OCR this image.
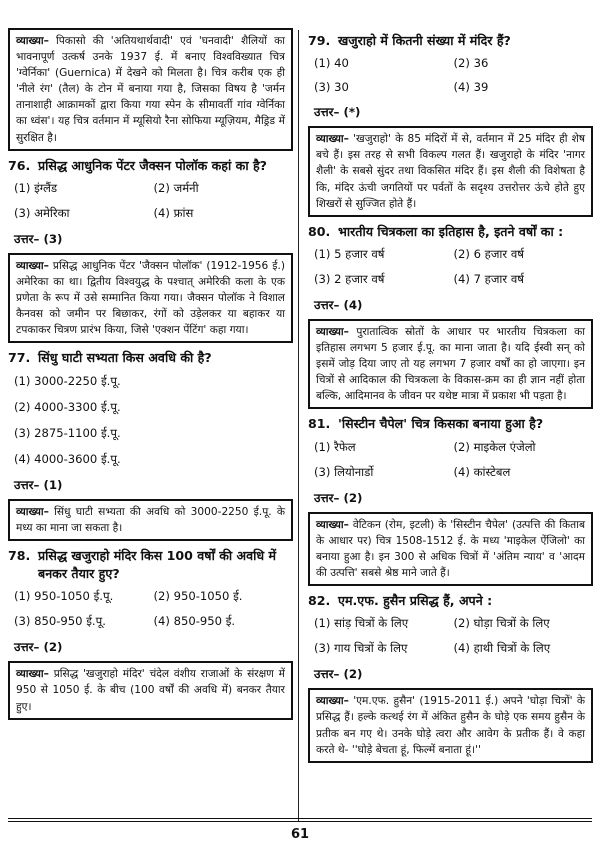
व्याख्या– पिकासो की 'अतियथार्थवादी' एवं 'घनवादी' शैलियों का भावनापूर्ण उत्कर्ष उनके 1937 ई. में बनाए विश्वविख्यात चित्र 'ग्वेर्निका' (Guernica) में देखने को मिलता है। चित्र करीब एक ही 'नीले रंग' (तैल) के टोन में बनाया गया है, जिसका विषय है 'जर्मन तानाशाही आक्रामकों द्वारा किया गया स्पेन के सीमावर्ती गांव ग्वेर्निका का ध्वंस'। यह चित्र वर्तमान में म्यूसियो रैना सोफिया म्यूज़ियम, मैड्रिड में सुरक्षित है।
76. प्रसिद्ध आधुनिक पेंटर जैक्सन पोलॉक कहां का है?
(1) इंग्लैंड	(2) जर्मनी
(3) अमेरिका	(4) फ्रांस
उत्तर– (3)
व्याख्या– प्रसिद्ध आधुनिक पेंटर 'जैक्सन पोलॉक' (1912-1956 ई.) अमेरिका का था। द्वितीय विश्वयुद्ध के पश्चात् अमेरिकी कला के एक प्रणेता के रूप में उसे सम्मानित किया गया। जैक्सन पोलॉक ने विशाल कैनवस को जमीन पर बिछाकर, रंगों को उड़ेलकर या बहाकर या टपकाकर चित्रण प्रारंभ किया, जिसे 'एक्शन पेंटिंग' कहा गया।
77. सिंधु घाटी सभ्यता किस अवधि की है?
(1) 3000-2250 ई.पू.
(2) 4000-3300 ई.पू.
(3) 2875-1100 ई.पू.
(4) 4000-3600 ई.पू.
उत्तर– (1)
व्याख्या– सिंधु घाटी सभ्यता की अवधि को 3000-2250 ई.पू. के मध्य का माना जा सकता है।
78. प्रसिद्ध खजुराहो मंदिर किस 100 वर्षों की अवधि में बनकर तैयार हुए?
(1) 950-1050 ई.पू.	(2) 950-1050 ई.
(3) 850-950 ई.पू.	(4) 850-950 ई.
उत्तर– (2)
व्याख्या– प्रसिद्ध 'खजुराहो मंदिर' चंदेल वंशीय राजाओं के संरक्षण में 950 से 1050 ई. के बीच (100 वर्षों की अवधि में) बनकर तैयार हुए।
79. खजुराहो में कितनी संख्या में मंदिर हैं?
(1) 40	(2) 36
(3) 30	(4) 39
उत्तर– (*)
व्याख्या– 'खजुराहो' के 85 मंदिरों में से, वर्तमान में 25 मंदिर ही शेष बचे हैं। इस तरह से सभी विकल्प गलत हैं। खजुराहो के मंदिर 'नागर शैली' के सबसे सुंदर तथा विकसित मंदिर हैं। इस शैली की विशेषता है कि, मंदिर ऊंची जगतियों पर पर्वतों के सदृश्य उत्तरोत्तर ऊंचे होते हुए शिखरों से सुज्जित होते हैं।
80. भारतीय चित्रकला का इतिहास है, इतने वर्षों का :
(1) 5 हजार वर्ष	(2) 6 हजार वर्ष
(3) 2 हजार वर्ष	(4) 7 हजार वर्ष
उत्तर– (4)
व्याख्या– पुरातात्विक स्रोतों के आधार पर भारतीय चित्रकला का इतिहास लगभग 5 हजार ई.पू. का माना जाता है। यदि ईस्वी सन् को इसमें जोड़ दिया जाए तो यह लगभग 7 हजार वर्षों का हो जाएगा। इन चित्रों से आदिकाल की चित्रकला के विकास-क्रम का ही ज्ञान नहीं होता बल्कि, आदिमानव के जीवन पर यथेष्ट मात्रा में प्रकाश भी पड़ता है।
81. 'सिस्टीन चैपेल' चित्र किसका बनाया हुआ है?
(1) रैफेल	(2) माइकेल एंजेलो
(3) लियोनार्डो	(4) कांस्टेबल
उत्तर– (2)
व्याख्या– वेटिकन (रोम, इटली) के 'सिस्टीन चैपेल' (उत्पत्ति की किताब के आधार पर) चित्र 1508-1512 ई. के मध्य 'माइकेल ऐंजिलो' का बनाया हुआ है। इन 300 से अधिक चित्रों में 'अंतिम न्याय' व 'आदम की उत्पत्ति' सबसे श्रेष्ठ माने जाते हैं।
82. एम.एफ. हुसैन प्रसिद्ध हैं, अपने :
(1) सांड़ चित्रों के लिए	(2) घोड़ा चित्रों के लिए
(3) गाय चित्रों के लिए	(4) हाथी चित्रों के लिए
उत्तर– (2)
व्याख्या– 'एम.एफ. हुसैन' (1915-2011 ई.) अपने 'घोड़ा चित्रों' के प्रसिद्ध हैं। हल्के कत्थई रंग में अंकित हुसैन के घोड़े एक समय हुसैन के प्रतीक बन गए थे। उनके घोड़े त्वरा और आवेग के प्रतीक हैं। वे कहा करते थे- ''घोड़े बेचता हूं, फिल्में बनाता हूं।''
61
